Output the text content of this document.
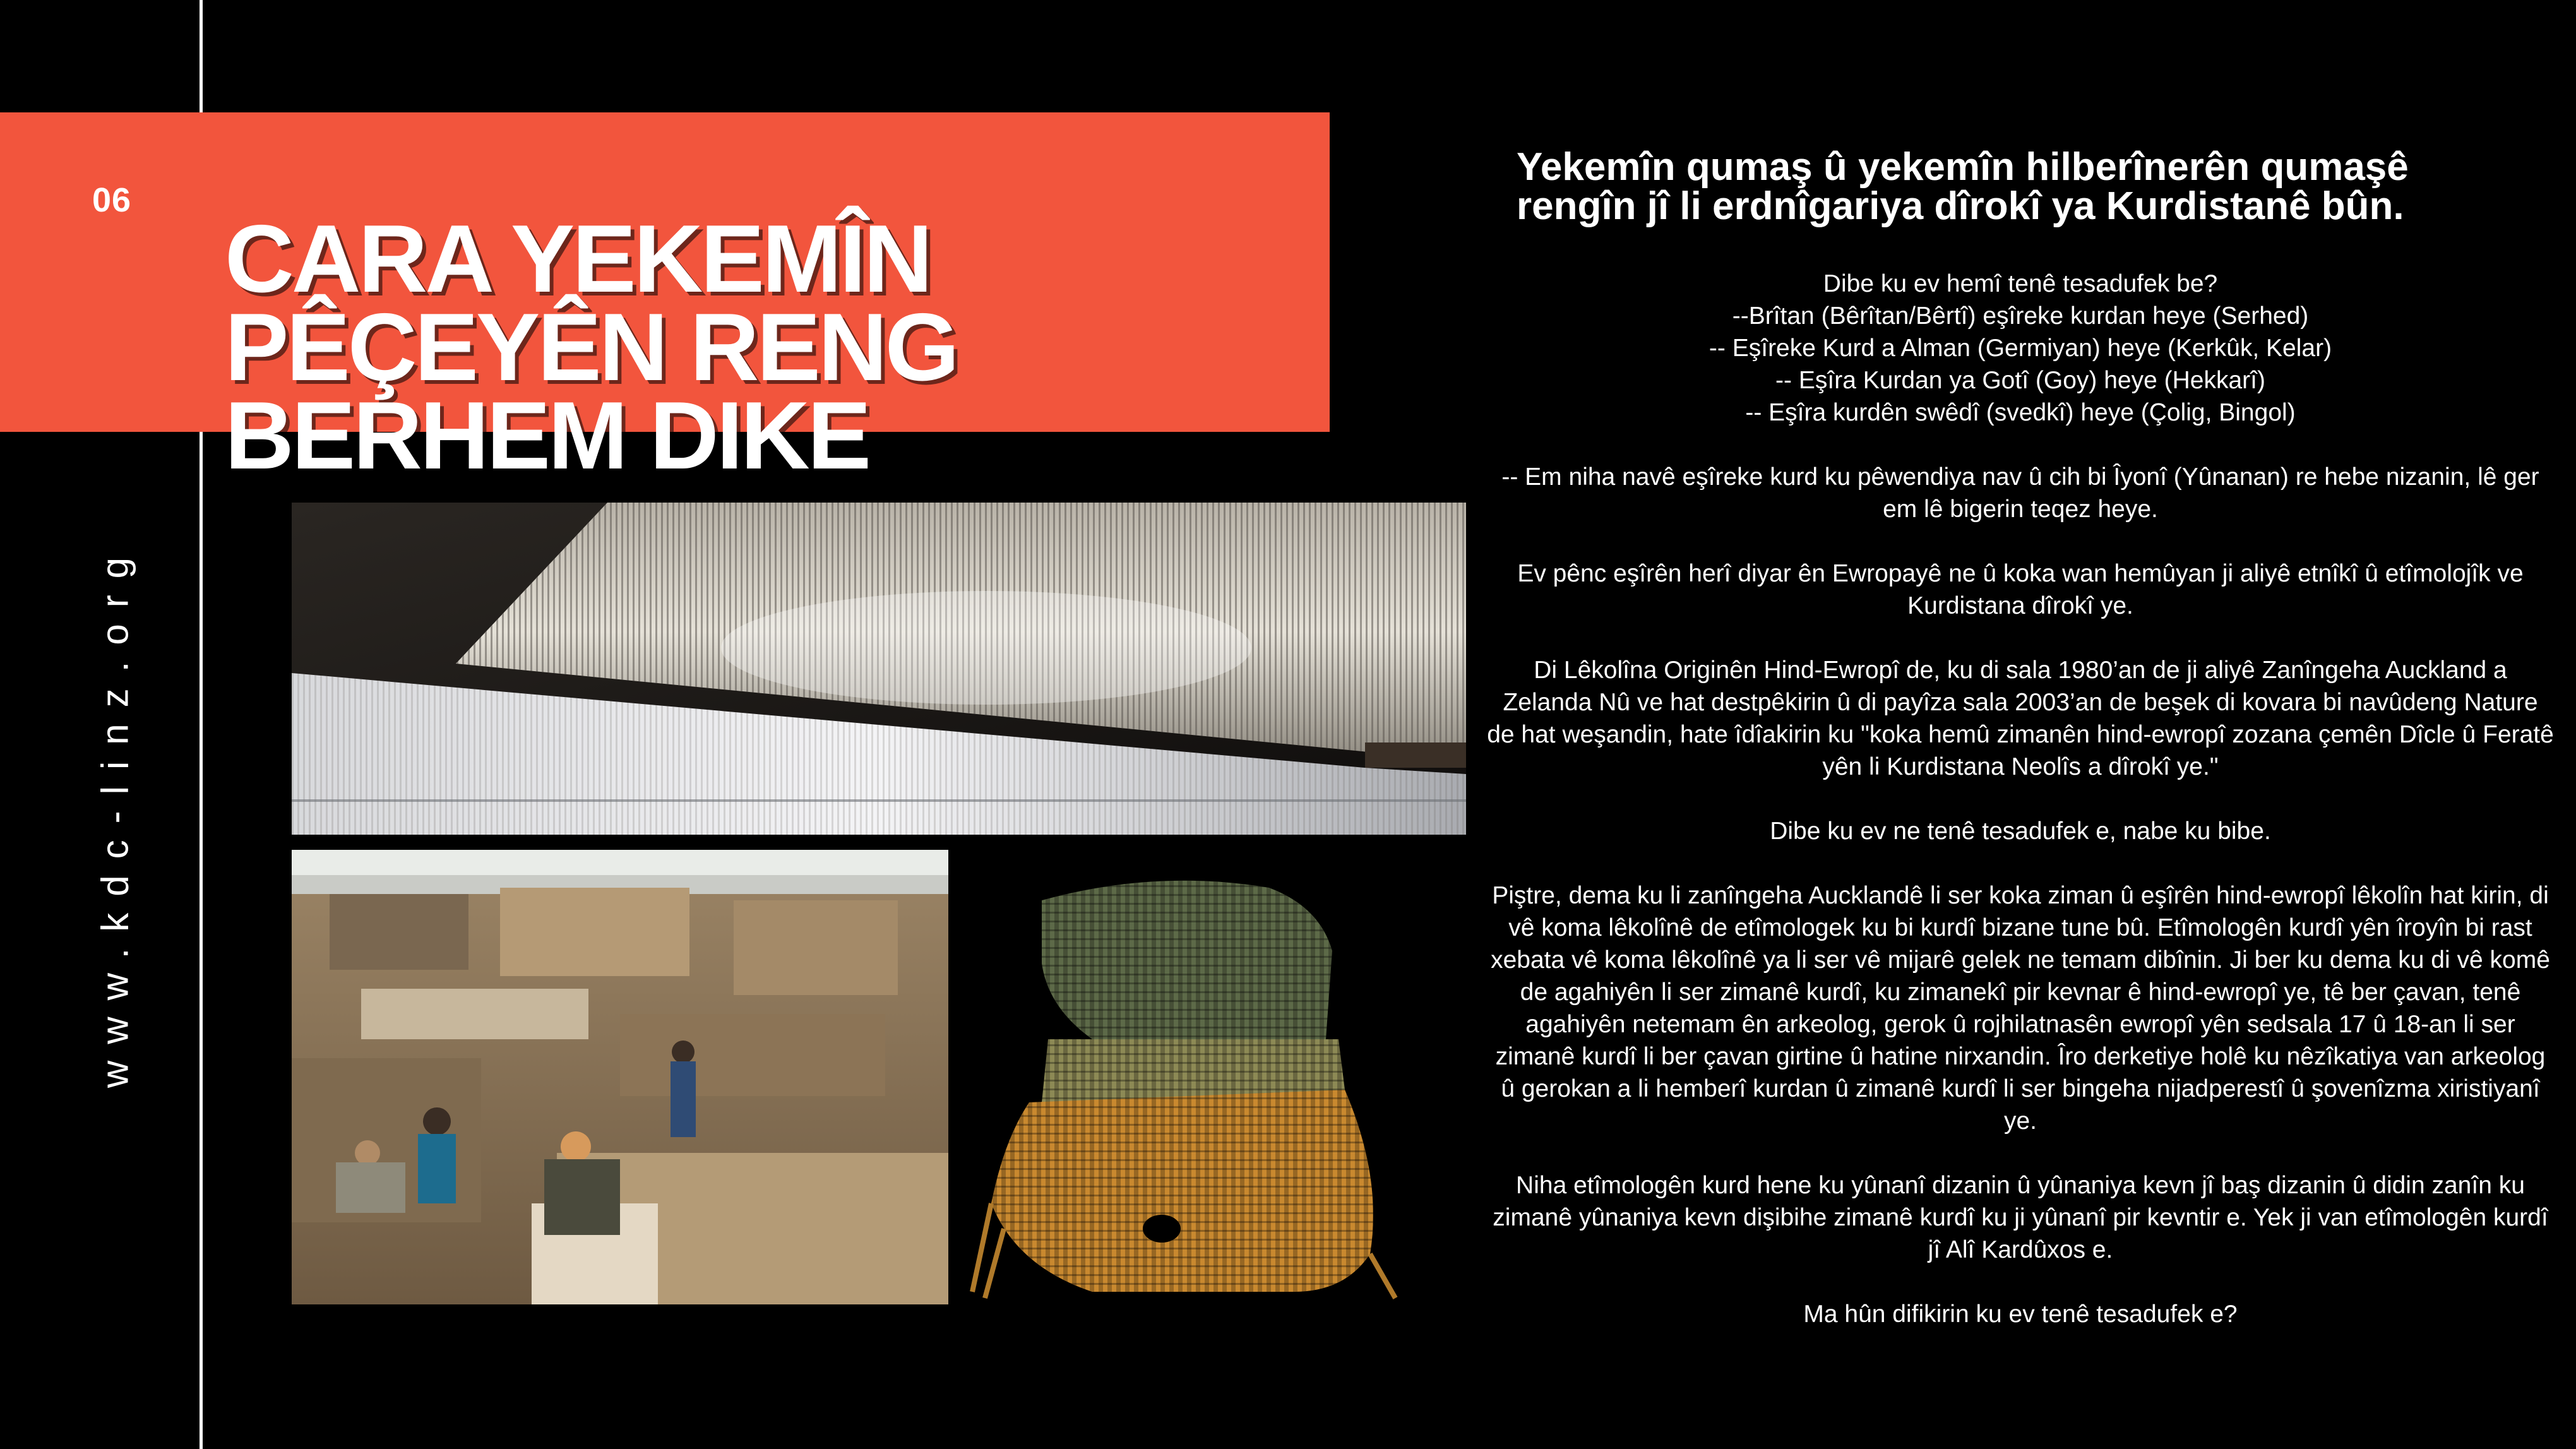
06
CARA YEKEMÎN PÊÇEYÊN RENG BERHEM DIKE
www.kdc-linz.org
Yekemîn qumaş û yekemîn hilberînerên qumaşê rengîn jî li erdnîgariya dîrokî ya Kurdistanê bûn.

Dibe ku ev hemî tenê tesadufek be?
--Brîtan (Bêrîtan/Bêrtî) eşîreke kurdan heye (Serhed)
-- Eşîreke Kurd a Alman (Germiyan) heye (Kerkûk, Kelar)
-- Eşîra Kurdan ya Gotî (Goy) heye (Hekkarî)
-- Eşîra kurdên swêdî (svedkî) heye (Çolig, Bingol)

-- Em niha navê eşîreke kurd ku pêwendiya nav û cih bi Îyonî (Yûnanan) re hebe nizanin, lê ger em lê bigerin teqez heye.

Ev pênc eşîrên herî diyar ên Ewropayê ne û koka wan hemûyan ji aliyê etnîkî û etîmolojîk ve Kurdistana dîrokî ye.

Di Lêkolîna Originên Hind-Ewropî de, ku di sala 1980’an de ji aliyê Zanîngeha Auckland a Zelanda Nû ve hat destpêkirin û di payîza sala 2003’an de beşek di kovara bi navûdeng Nature de hat weşandin, hate îdîakirin ku "koka hemû zimanên hind-ewropî zozana çemên Dîcle û Feratê yên li Kurdistana Neolîs a dîrokî ye."

Dibe ku ev ne tenê tesadufek e, nabe ku bibe.

Piştre, dema ku li zanîngeha Aucklandê li ser koka ziman û eşîrên hind-ewropî lêkolîn hat kirin, di vê koma lêkolînê de etîmologek ku bi kurdî bizane tune bû. Etîmologên kurdî yên îroyîn bi rast xebata vê koma lêkolînê ya li ser vê mijarê gelek ne temam dibînin. Ji ber ku dema ku di vê komê de agahiyên li ser zimanê kurdî, ku zimanekî pir kevnar ê hind-ewropî ye, tê ber çavan, tenê agahiyên netemam ên arkeolog, gerok û rojhilatnasên ewropî yên sedsala 17 û 18-an li ser zimanê kurdî li ber çavan girtine û hatine nirxandin. Îro derketiye holê ku nêzîkatiya van arkeolog û gerokan a li hemberî kurdan û zimanê kurdî li ser bingeha nijadperestî û şovenîzma xiristiyanî ye.

Niha etîmologên kurd hene ku yûnanî dizanin û yûnaniya kevn jî baş dizanin û didin zanîn ku zimanê yûnaniya kevn dişibihe zimanê kurdî ku ji yûnanî pir kevntir e. Yek ji van etîmologên kurdî jî Alî Kardûxos e.

Ma hûn difikirin ku ev tenê tesadufek e?
